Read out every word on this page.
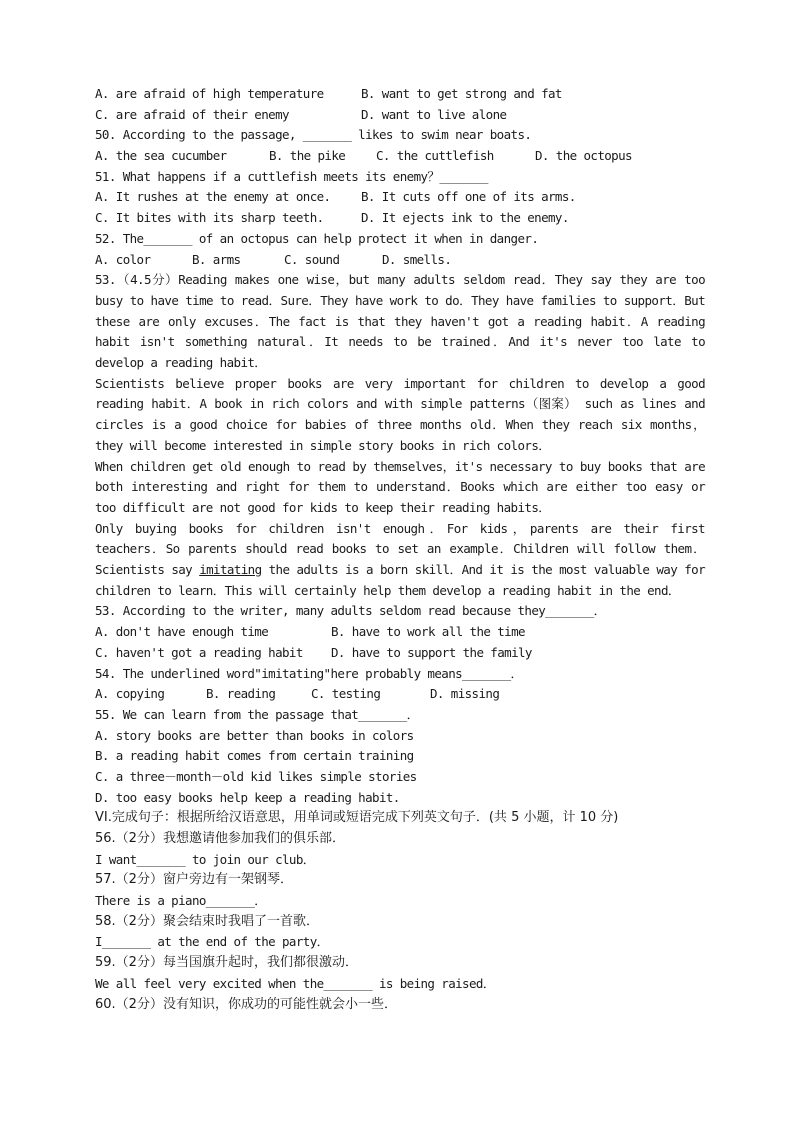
A. are afraid of high temperature	B. want to get strong and fat
C. are afraid of their enemy	D. want to live alone
50. According to the passage, _______ likes to swim near boats.
A. the sea cucumber	B. the pike C. the cuttlefish	D. the octopus
51. What happens if a cuttlefish meets its enemy？_______
A. It rushes at the enemy at once. B. It cuts off one of its arms.
C. It bites with its sharp teeth.	D. It ejects ink to the enemy.
52. The_______ of an octopus can help protect it when in danger.
A. color	B. arms	C. sound	D. smells.
53.（4.5分）Reading makes one wise，but many adults seldom read．They say they are too busy to have time to read．Sure．They have work to do．They have families to support．But these are only excuses．The fact is that they haven't got a reading habit．A reading habit isn't something natural．It needs to be trained．And it's never too late to develop a reading habit．
Scientists believe proper books are very important for children to develop a good reading habit．A book in rich colors and with simple patterns（图案） such as lines and circles is a good choice for babies of three months old．When they reach six months，they will become interested in simple story books in rich colors．
When children get old enough to read by themselves，it's necessary to buy books that are both interesting and right for them to understand．Books which are either too easy or too difficult are not good for kids to keep their reading habits．
Only buying books for children isn't enough．For kids，parents are their first teachers．So parents should read books to set an example．Children will follow them．Scientists say imitating the adults is a born skill．And it is the most valuable way for children to learn．This will certainly help them develop a reading habit in the end．
53. According to the writer, many adults seldom read because they_______．
A. don't have enough time	B. have to work all the time
C. haven't got a reading habit D. have to support the family
54. The underlined word"imitating"here probably means_______．
A. copying	B. reading	C. testing	D. missing
55. We can learn from the passage that_______．
A. story books are better than books in colors
B. a reading habit comes from certain training
C. a three－month－old kid likes simple stories
D. too easy books help keep a reading habit.
VI.完成句子：根据所给汉语意思，用单词或短语完成下列英文句子．(共 5 小题，计 10 分)
56.（2分）我想邀请他参加我们的俱乐部．
I want_______ to join our club．
57.（2分）窗户旁边有一架钢琴．
There is a piano_______．
58.（2分）聚会结束时我唱了一首歌．
I_______ at the end of the party．
59.（2分）每当国旗升起时，我们都很激动．
We all feel very excited when the_______ is being raised．
60.（2分）没有知识，你成功的可能性就会小一些．
